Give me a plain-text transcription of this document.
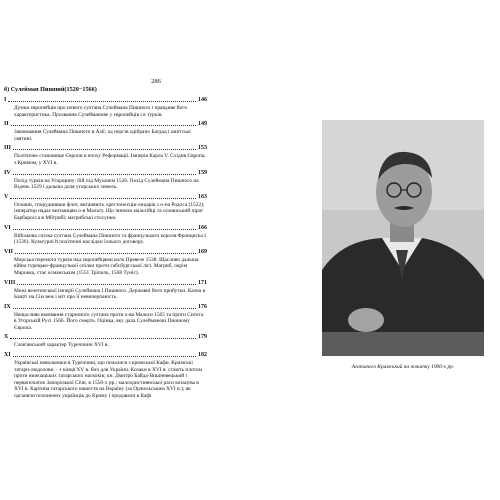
286
б) Сулейман Пишний(1520−1566)
I	146
Думки європейців про нового султана Сулеймана Пишного і правдиве його характеристика. Прозвання Сулейманове у європейців і в турків.
II	149
Завоювання Сулеймана Пишного в Азії; од персів одібрано Багдад і шиїтські святині.
III	153
Політичне становище Європи в епоху Реформації. Імперія Карла V. Східня Європа, з Кримом, у XVI в.
IV	159
Похід турків на Угорщину: бій під Мухачем 1526. Похід Сулеймана Пишного на Відень 1529 і дальша доля угорських земель.
V	163
Османи, споруднивши флот, виганяють хрестоносців-лицарів з о-на Родоса (1522); імператор надає вигнанцям о-в Мальту. Що чинили мальтійці та османський пірат Барбаросса в Мбгрибі; магрибські стосунки.
VI	166
Військова спілка султана Сулеймана Пишного та французького короля Франциска I (1536). Культурні й політичні наслідки їхнього договору.
VII	169
Морська перемога турків над європейцями коло Превезе 1538. Щасливо дальша війна турецько-французької спілки проти габсбургської лігі. Магриб, окрім Марокка, стає османським (1551 Тріполь, 1568 Туніс).
VIII	171
Межі велетенської імперії Сулеймана І Пишного. Державні його прибутки. Казна в Бащті на Сім веж і міт про її невичерпаність.
IX	176
Нещасливе вoювання старезного султана проти о-ва Мальти 1565 та проти Сигота в Угорській Русі 1566. Його смерть. Оцінка, яку дала Сулейманові Пишному Європа.
X	179
Слов'янський характер Туреччини XVI в.
XI	182
Українські невольники в Туреччині, що почалися з кримської Кафи. Кримські татари-людолови − з кінця XV в. бич для України. Козаки в XVI в. стають плотом проти нижчацьких татарських наскоків; кн. Дмитро Байда-Вишневецький і первопочаток Запорозької Січи, в 1550-х рр.; малохристиянської раси козацтва в XVI в. Картина татарського нашестя на Вкраїну (за Оржельським XVI в.); як одганяли полонених українців до Криму і продавали в Кафі
Агатангел Кримський на початку 1900-х рр.
